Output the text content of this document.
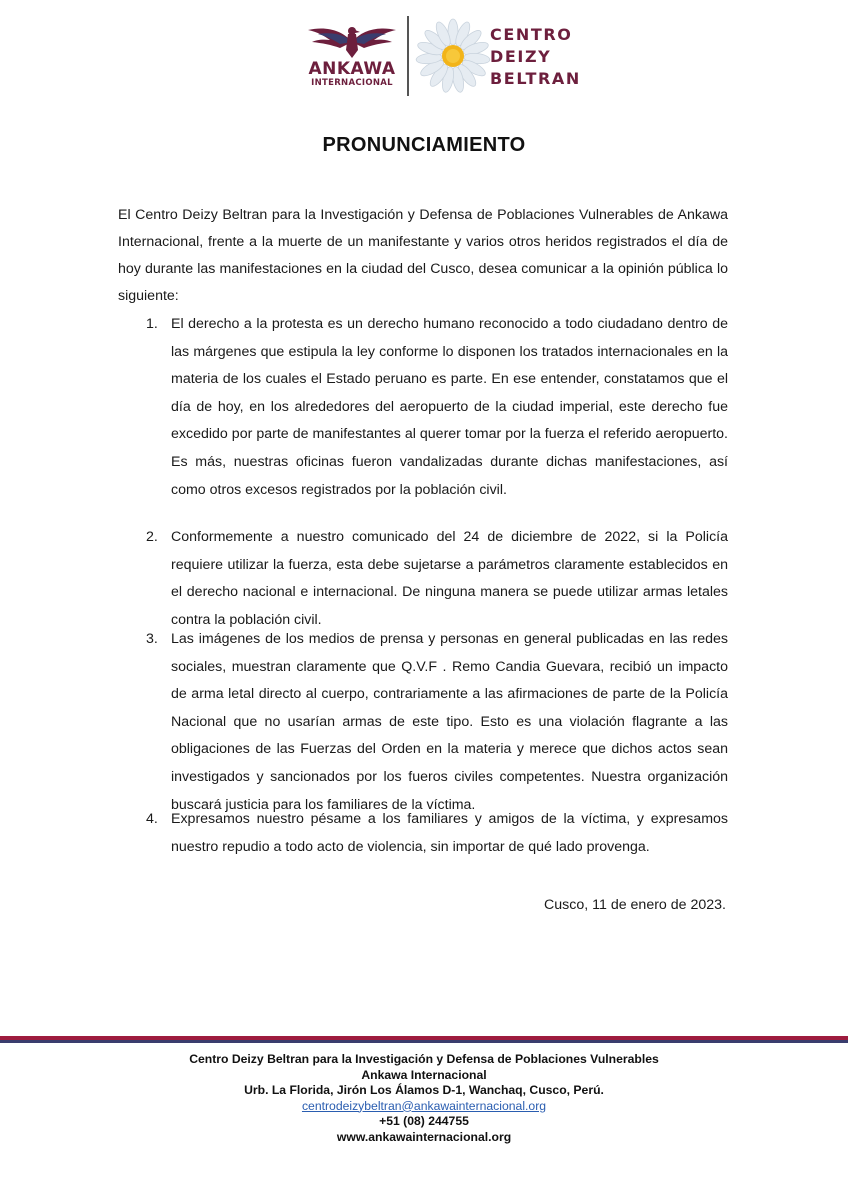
ANKAWA
INTERNACIONAL
CENTRO
DEIZY
BELTRAN
PRONUNCIAMIENTO
El Centro Deizy Beltran para la Investigación y Defensa de Poblaciones Vulnerables de Ankawa Internacional, frente a la muerte de un manifestante y varios otros heridos registrados el día de hoy durante las manifestaciones en la ciudad del Cusco, desea comunicar a la opinión pública lo siguiente:
1. El derecho a la protesta es un derecho humano reconocido a todo ciudadano dentro de las márgenes que estipula la ley conforme lo disponen los tratados internacionales en la materia de los cuales el Estado peruano es parte. En ese entender, constatamos que el día de hoy, en los alrededores del aeropuerto de la ciudad imperial, este derecho fue excedido por parte de manifestantes al querer tomar por la fuerza el referido aeropuerto. Es más, nuestras oficinas fueron vandalizadas durante dichas manifestaciones, así como otros excesos registrados por la población civil.
2. Conformemente a nuestro comunicado del 24 de diciembre de 2022, si la Policía requiere utilizar la fuerza, esta debe sujetarse a parámetros claramente establecidos en el derecho nacional e internacional. De ninguna manera se puede utilizar armas letales contra la población civil.
3. Las imágenes de los medios de prensa y personas en general publicadas en las redes sociales, muestran claramente que Q.V.F . Remo Candia Guevara, recibió un impacto de arma letal directo al cuerpo, contrariamente a las afirmaciones de parte de la Policía Nacional que no usarían armas de este tipo. Esto es una violación flagrante a las obligaciones de las Fuerzas del Orden en la materia y merece que dichos actos sean investigados y sancionados por los fueros civiles competentes. Nuestra organización buscará justicia para los familiares de la víctima.
4. Expresamos nuestro pésame a los familiares y amigos de la víctima, y expresamos nuestro repudio a todo acto de violencia, sin importar de qué lado provenga.
Cusco, 11 de enero de 2023.
Centro Deizy Beltran para la Investigación y Defensa de Poblaciones Vulnerables
Ankawa Internacional
Urb. La Florida, Jirón Los Álamos D-1, Wanchaq, Cusco, Perú.
centrodeizybeltran@ankawainternacional.org
+51 (08) 244755
www.ankawainternacional.org
